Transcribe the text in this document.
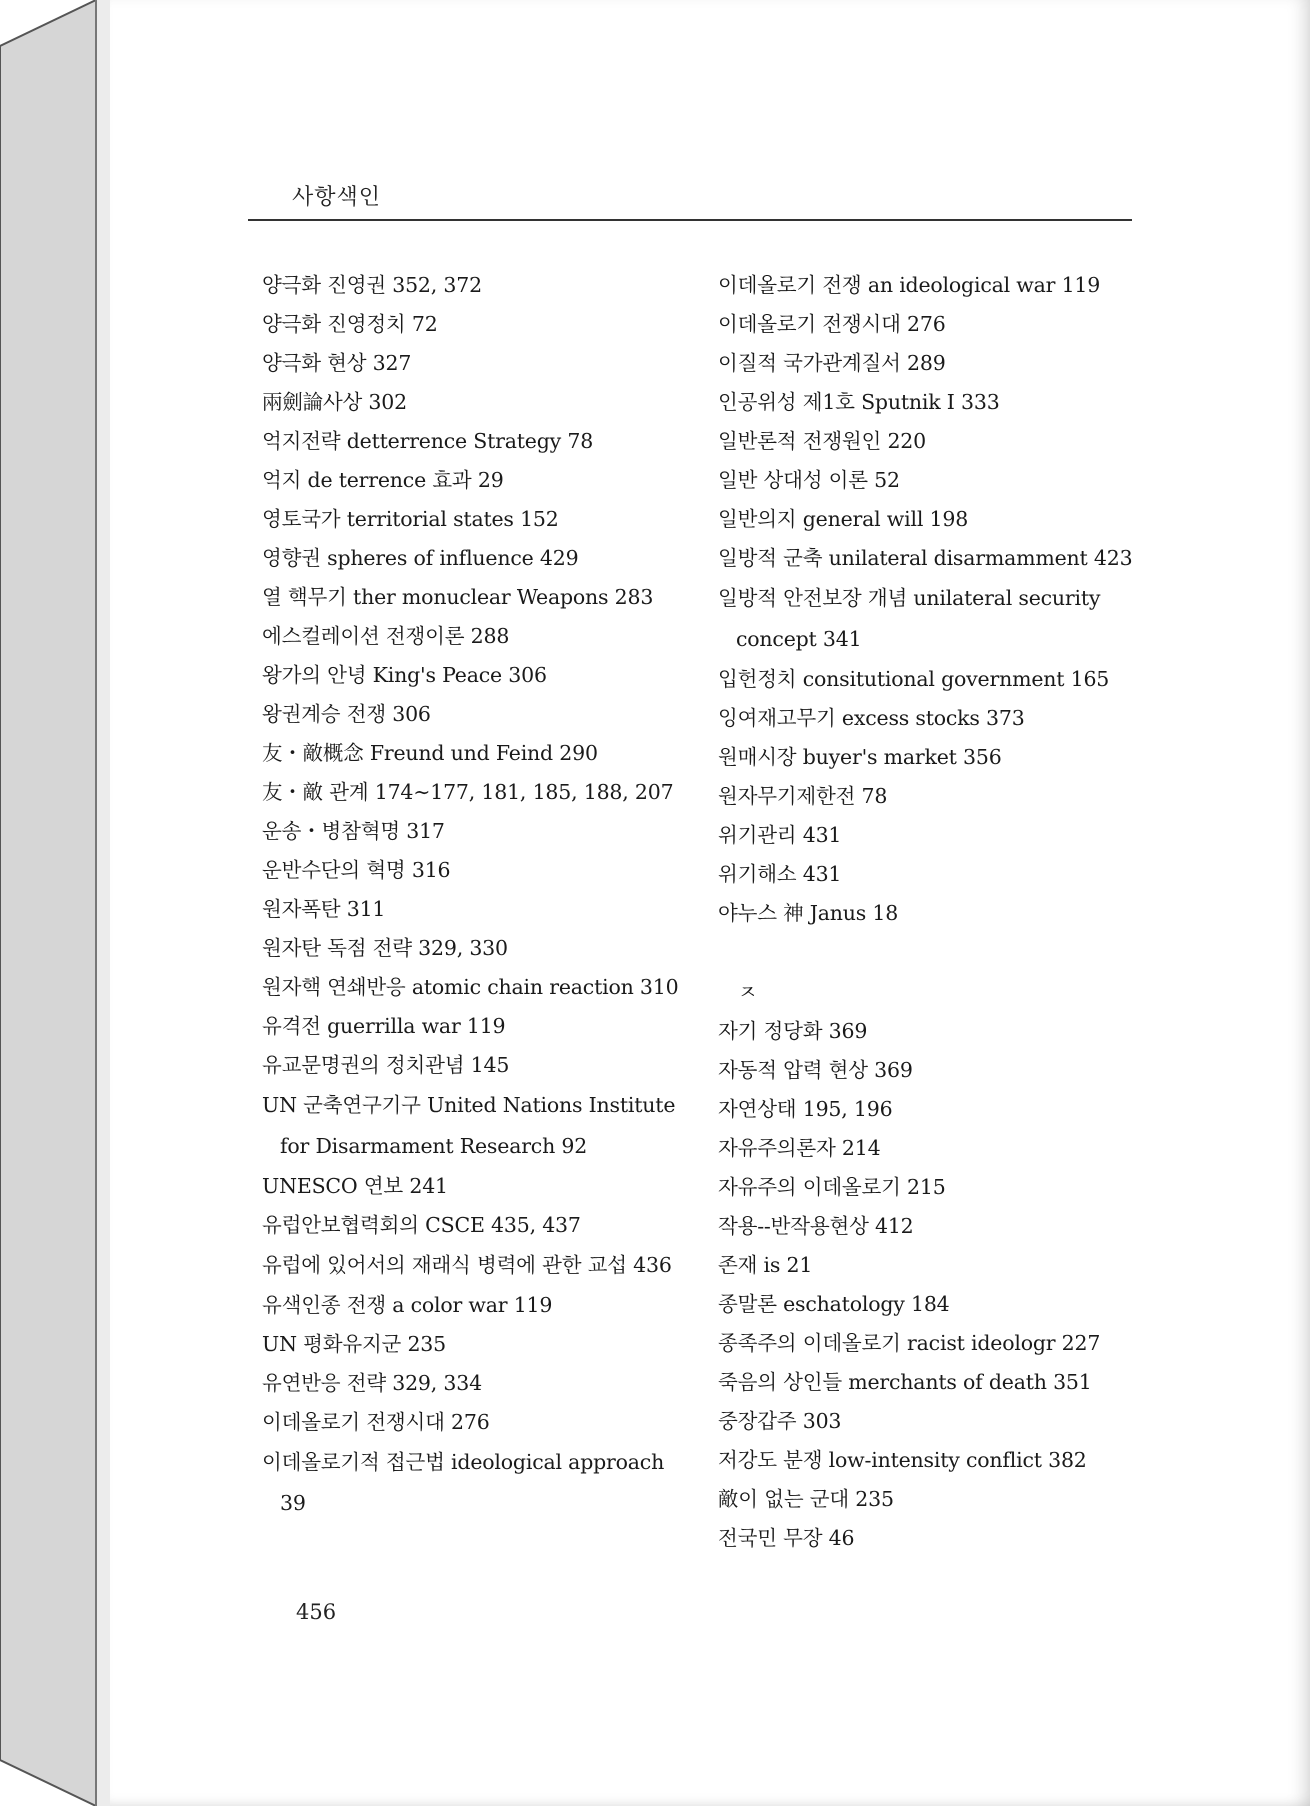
사항색인
양극화 진영권 352, 372
양극화 진영정치 72
양극화 현상 327
兩劍論사상 302
억지전략 detterrence Strategy 78
억지 de terrence 효과 29
영토국가 territorial states 152
영향권 spheres of influence 429
열 핵무기 ther monuclear Weapons 283
에스컬레이션 전쟁이론 288
왕가의 안녕 King's Peace 306
왕권계승 전쟁 306
友・敵概念 Freund und Feind 290
友・敵 관계 174∼177, 181, 185, 188, 207
운송・병참혁명 317
운반수단의 혁명 316
원자폭탄 311
원자탄 독점 전략 329, 330
원자핵 연쇄반응 atomic chain reaction 310
유격전 guerrilla war 119
유교문명권의 정치관념 145
UN 군축연구기구 United Nations Institute for Disarmament Research 92
UNESCO 연보 241
유럽안보협력회의 CSCE 435, 437
유럽에 있어서의 재래식 병력에 관한 교섭 436
유색인종 전쟁 a color war 119
UN 평화유지군 235
유연반응 전략 329, 334
이데올로기 전쟁시대 276
이데올로기적 접근법 ideological approach 39
이데올로기 전쟁 an ideological war 119
이데올로기 전쟁시대 276
이질적 국가관계질서 289
인공위성 제1호 Sputnik Ⅰ 333
일반론적 전쟁원인 220
일반 상대성 이론 52
일반의지 general will 198
일방적 군축 unilateral disarmamment 423
일방적 안전보장 개념 unilateral security concept 341
입헌정치 consitutional government 165
잉여재고무기 excess stocks 373
원매시장 buyer's market 356
원자무기제한전 78
위기관리 431
위기해소 431
야누스 神 Janus 18
ㅈ
자기 정당화 369
자동적 압력 현상 369
자연상태 195, 196
자유주의론자 214
자유주의 이데올로기 215
작용--반작용현상 412
존재 is 21
종말론 eschatology 184
종족주의 이데올로기 racist ideologr 227
죽음의 상인들 merchants of death 351
중장갑주 303
저강도 분쟁 low-intensity conflict 382
敵이 없는 군대 235
전국민 무장 46
456
